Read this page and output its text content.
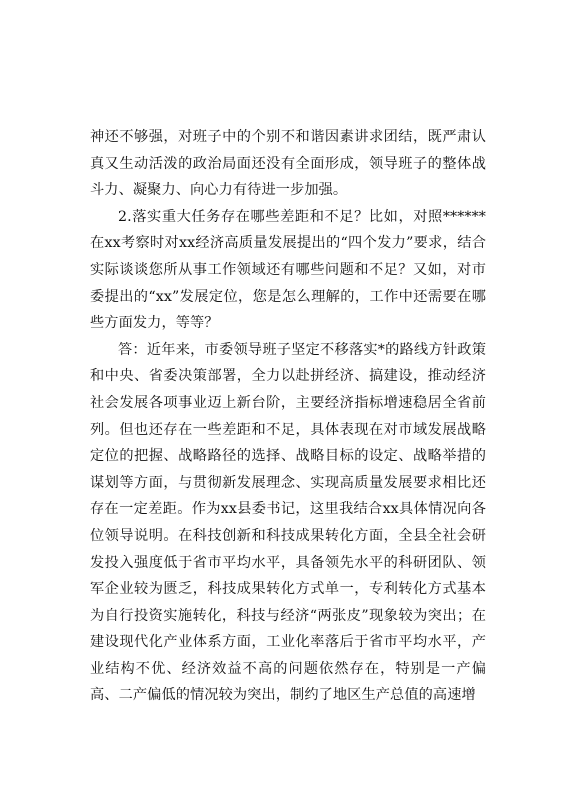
神还不够强，对班子中的个别不和谐因素讲求团结，既严肃认真又生动活泼的政治局面还没有全面形成，领导班子的整体战斗力、凝聚力、向心力有待进一步加强。

2.落实重大任务存在哪些差距和不足？比如，对照******在xx考察时对xx经济高质量发展提出的“四个发力”要求，结合实际谈谈您所从事工作领域还有哪些问题和不足？又如，对市委提出的“xx”发展定位，您是怎么理解的，工作中还需要在哪些方面发力，等等？

答：近年来，市委领导班子坚定不移落实*的路线方针政策和中央、省委决策部署，全力以赴拼经济、搞建设，推动经济社会发展各项事业迈上新台阶，主要经济指标增速稳居全省前列。但也还存在一些差距和不足，具体表现在对市域发展战略定位的把握、战略路径的选择、战略目标的设定、战略举措的谋划等方面，与贯彻新发展理念、实现高质量发展要求相比还存在一定差距。作为xx县委书记，这里我结合xx具体情况向各位领导说明。在科技创新和科技成果转化方面，全县全社会研发投入强度低于省市平均水平，具备领先水平的科研团队、领军企业较为匮乏，科技成果转化方式单一，专利转化方式基本为自行投资实施转化，科技与经济“两张皮”现象较为突出；在建设现代化产业体系方面，工业化率落后于省市平均水平，产业结构不优、经济效益不高的问题依然存在，特别是一产偏高、二产偏低的情况较为突出，制约了地区生产总值的高速增
